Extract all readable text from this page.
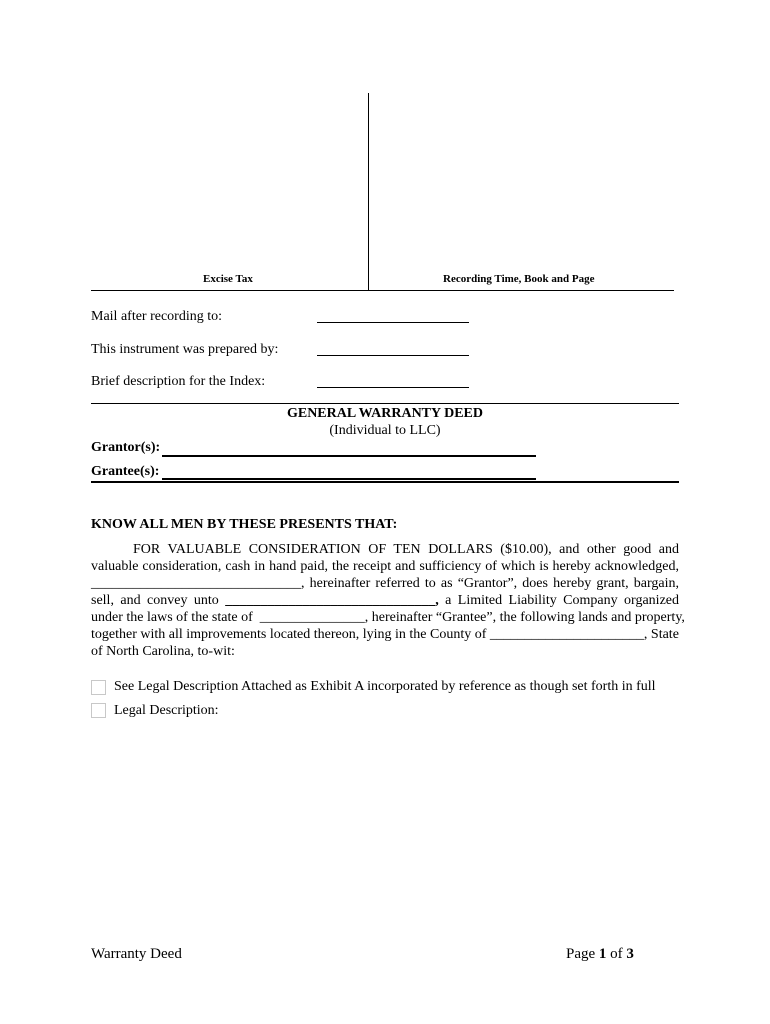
Excise Tax	Recording Time, Book and Page
Mail after recording to:
This instrument was prepared by:
Brief description for the Index:
GENERAL WARRANTY DEED
(Individual to LLC)
Grantor(s):
Grantee(s):
KNOW ALL MEN BY THESE PRESENTS THAT:
FOR VALUABLE CONSIDERATION OF TEN DOLLARS ($10.00), and other good and
valuable consideration, cash in hand paid, the receipt and sufficiency of which is hereby acknowledged,
______________________________, hereinafter referred to as “Grantor”, does hereby grant, bargain,
sell, and convey unto ______________________________, a Limited Liability Company organized
under the laws of the state of _______________, hereinafter “Grantee”, the following lands and property,
together with all improvements located thereon, lying in the County of ______________________, State
of North Carolina, to-wit:
See Legal Description Attached as Exhibit A incorporated by reference as though set forth in full
Legal Description:
Warranty Deed	Page 1 of 3
